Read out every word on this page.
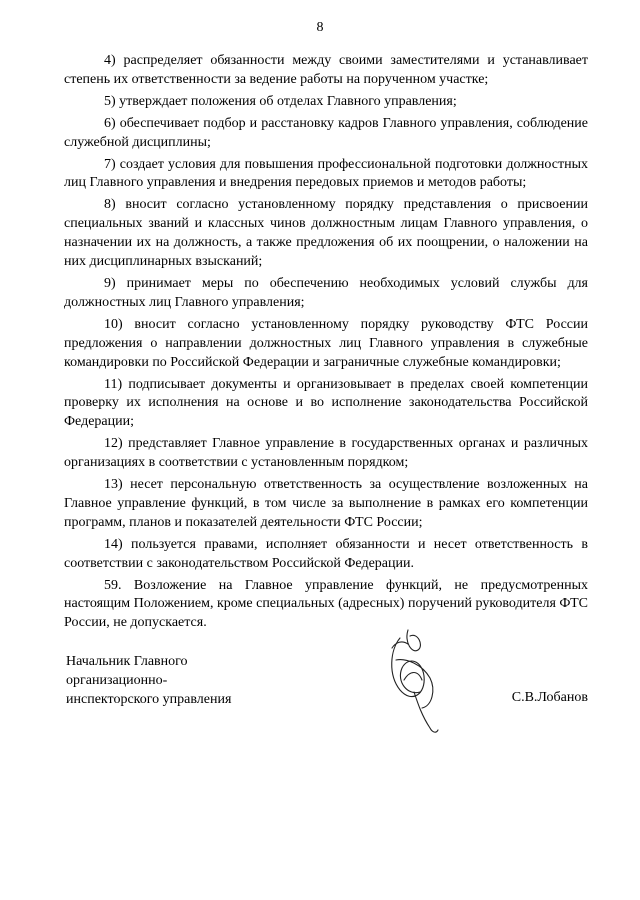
8

4) распределяет обязанности между своими заместителями и устанавливает степень их ответственности за ведение работы на порученном участке;

5) утверждает положения об отделах Главного управления;

6) обеспечивает подбор и расстановку кадров Главного управления, соблюдение служебной дисциплины;

7) создает условия для повышения профессиональной подготовки должностных лиц Главного управления и внедрения передовых приемов и методов работы;

8) вносит согласно установленному порядку представления о присвоении специальных званий и классных чинов должностным лицам Главного управления, о назначении их на должность, а также предложения об их поощрении, о наложении на них дисциплинарных взысканий;

9) принимает меры по обеспечению необходимых условий службы для должностных лиц Главного управления;

10) вносит согласно установленному порядку руководству ФТС России предложения о направлении должностных лиц Главного управления в служебные командировки по Российской Федерации и заграничные служебные командировки;

11) подписывает документы и организовывает в пределах своей компетенции проверку их исполнения на основе и во исполнение законодательства Российской Федерации;

12) представляет Главное управление в государственных органах и различных организациях в соответствии с установленным порядком;

13) несет персональную ответственность за осуществление возложенных на Главное управление функций, в том числе за выполнение в рамках его компетенции программ, планов и показателей деятельности ФТС России;

14) пользуется правами, исполняет обязанности и несет ответственность в соответствии с законодательством Российской Федерации.

59. Возложение на Главное управление функций, не предусмотренных настоящим Положением, кроме специальных (адресных) поручений руководителя ФТС России, не допускается.

Начальник Главного
организационно-
инспекторского управления	С.В.Лобанов
